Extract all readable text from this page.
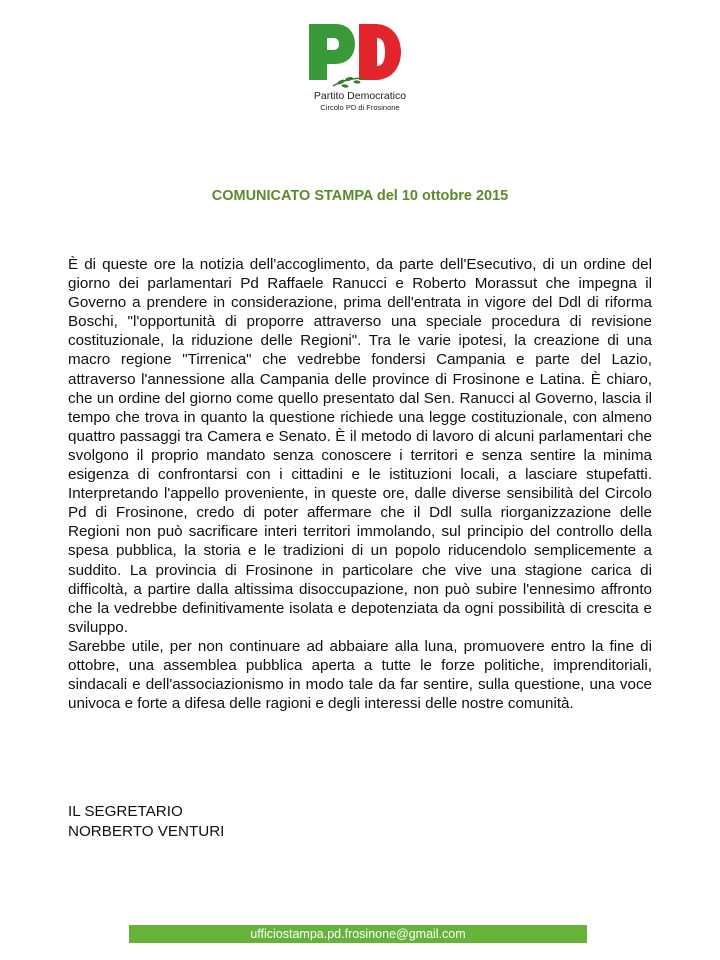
Partito Democratico
Circolo PD di Frosinone
COMUNICATO STAMPA del 10 ottobre 2015

È di queste ore la notizia dell'accoglimento, da parte dell'Esecutivo, di un ordine del giorno dei parlamentari Pd Raffaele Ranucci e Roberto Morassut che impegna il Governo a prendere in considerazione, prima dell'entrata in vigore del Ddl di riforma Boschi, "l'opportunità di proporre attraverso una speciale procedura di revisione costituzionale, la riduzione delle Regioni". Tra le varie ipotesi, la creazione di una macro regione "Tirrenica" che vedrebbe fondersi Campania e parte del Lazio, attraverso l'annessione alla Campania delle province di Frosinone e Latina. È chiaro, che un ordine del giorno come quello presentato dal Sen. Ranucci al Governo, lascia il tempo che trova in quanto la questione richiede una legge costituzionale, con almeno quattro passaggi tra Camera e Senato. È il metodo di lavoro di alcuni parlamentari che svolgono il proprio mandato senza conoscere i territori e senza sentire la minima esigenza di confrontarsi con i cittadini e le istituzioni locali, a lasciare stupefatti. Interpretando l'appello proveniente, in queste ore, dalle diverse sensibilità del Circolo Pd di Frosinone, credo di poter affermare che il Ddl sulla riorganizzazione delle Regioni non può sacrificare interi territori immolando, sul principio del controllo della spesa pubblica, la storia e le tradizioni di un popolo riducendolo semplicemente a suddito. La provincia di Frosinone in particolare che vive una stagione carica di difficoltà, a partire dalla altissima disoccupazione, non può subire l'ennesimo affronto che la vedrebbe definitivamente isolata e depotenziata da ogni possibilità di crescita e sviluppo.

Sarebbe utile, per non continuare ad abbaiare alla luna, promuovere entro la fine di ottobre, una assemblea pubblica aperta a tutte le forze politiche, imprenditoriali, sindacali e dell'associazionismo in modo tale da far sentire, sulla questione, una voce univoca e forte a difesa delle ragioni e degli interessi delle nostre comunità.

IL SEGRETARIO
NORBERTO VENTURI
ufficiostampa.pd.frosinone@gmail.com
